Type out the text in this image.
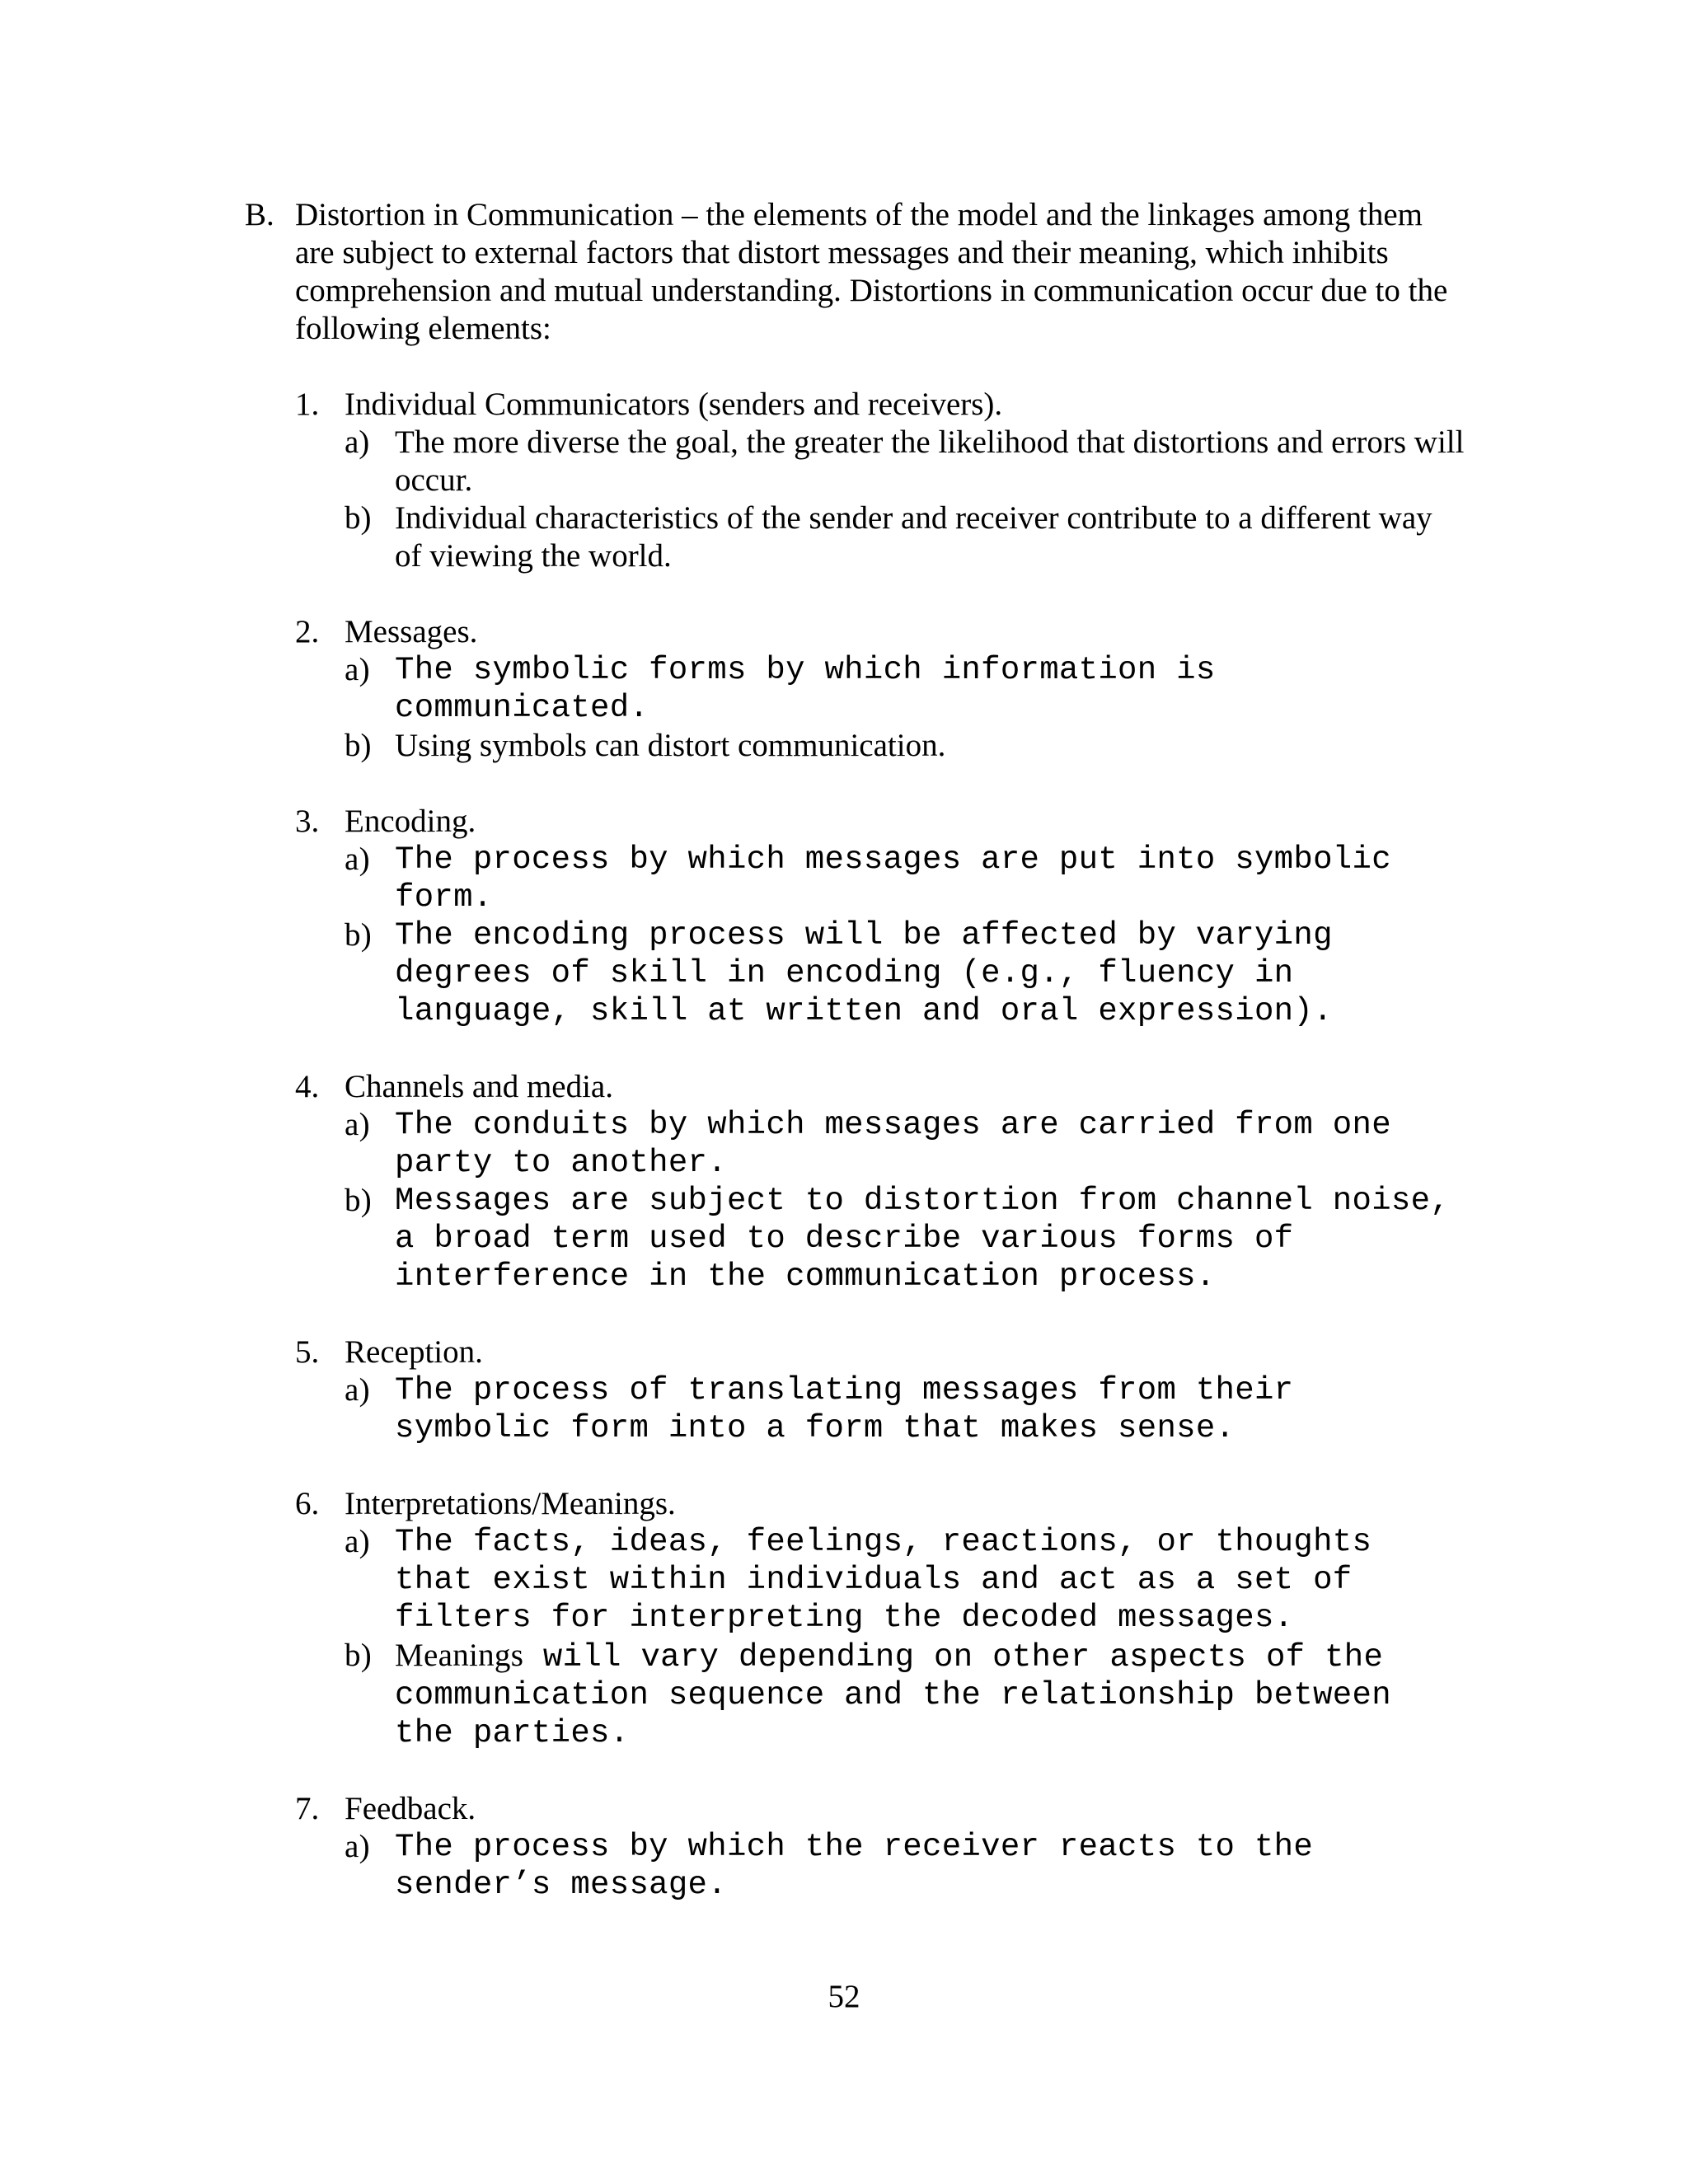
B. Distortion in Communication – the elements of the model and the linkages among them are subject to external factors that distort messages and their meaning, which inhibits comprehension and mutual understanding. Distortions in communication occur due to the following elements:
1. Individual Communicators (senders and receivers).
a) The more diverse the goal, the greater the likelihood that distortions and errors will occur.
b) Individual characteristics of the sender and receiver contribute to a different way of viewing the world.
2. Messages.
a) The symbolic forms by which information is communicated.
b) Using symbols can distort communication.
3. Encoding.
a) The process by which messages are put into symbolic form.
b) The encoding process will be affected by varying degrees of skill in encoding (e.g., fluency in language, skill at written and oral expression).
4. Channels and media.
a) The conduits by which messages are carried from one party to another.
b) Messages are subject to distortion from channel noise, a broad term used to describe various forms of interference in the communication process.
5. Reception.
a) The process of translating messages from their symbolic form into a form that makes sense.
6. Interpretations/Meanings.
a) The facts, ideas, feelings, reactions, or thoughts that exist within individuals and act as a set of filters for interpreting the decoded messages.
b) Meanings will vary depending on other aspects of the communication sequence and the relationship between the parties.
7. Feedback.
a) The process by which the receiver reacts to the sender’s message.
52
